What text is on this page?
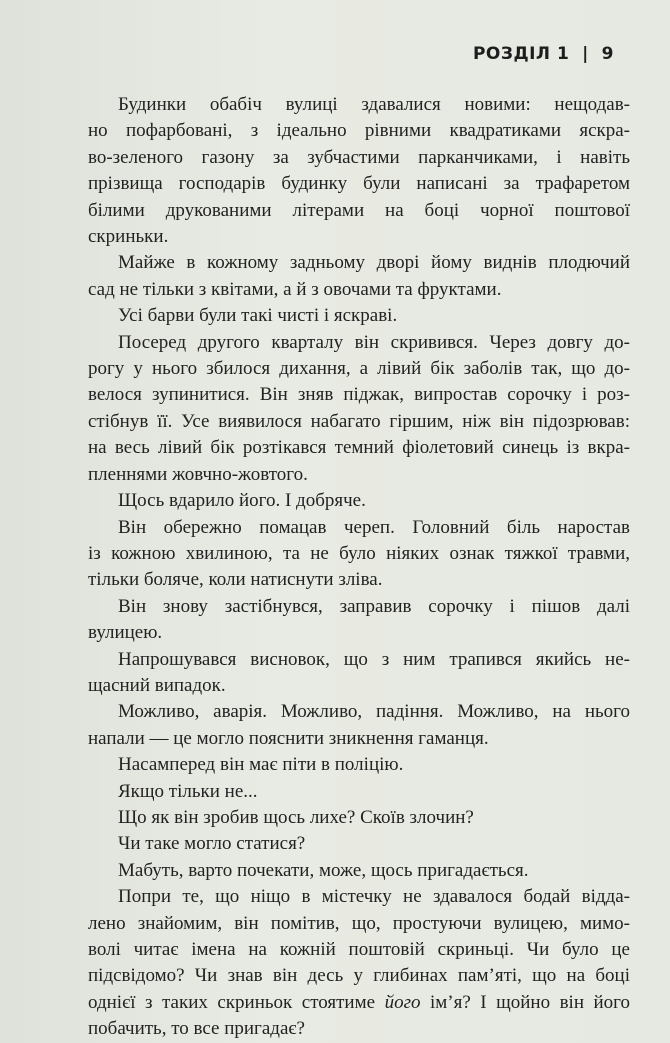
РОЗДІЛ 1  |  9
Будинки обабіч вулиці здавалися новими: нещодав-
но пофарбовані, з ідеально рівними квадратиками яскра-
во-зеленого газону за зубчастими парканчиками, і навіть
прізвища господарів будинку були написані за трафаретом
білими друкованими літерами на боці чорної поштової
скриньки.
Майже в кожному задньому дворі йому виднів плодючий
сад не тільки з квітами, а й з овочами та фруктами.
Усі барви були такі чисті і яскраві.
Посеред другого кварталу він скривився. Через довгу до-
рогу у нього збилося дихання, а лівий бік заболів так, що до-
велося зупинитися. Він зняв піджак, випростав сорочку і роз-
стібнув її. Усе виявилося набагато гіршим, ніж він підозрював:
на весь лівий бік розтікався темний фіолетовий синець із вкра-
пленнями жовчно-жовтого.
Щось вдарило його. І добряче.
Він обережно помацав череп. Головний біль наростав
із кожною хвилиною, та не було ніяких ознак тяжкої травми,
тільки боляче, коли натиснути зліва.
Він знову застібнувся, заправив сорочку і пішов далі
вулицею.
Напрошувався висновок, що з ним трапився якийсь не-
щасний випадок.
Можливо, аварія. Можливо, падіння. Можливо, на нього
напали — це могло пояснити зникнення гаманця.
Насамперед він має піти в поліцію.
Якщо тільки не...
Що як він зробив щось лихе? Скоїв злочин?
Чи таке могло статися?
Мабуть, варто почекати, може, щось пригадається.
Попри те, що ніщо в містечку не здавалося бодай відда-
лено знайомим, він помітив, що, простуючи вулицею, мимо-
волі читає імена на кожній поштовій скриньці. Чи було це
підсвідомо? Чи знав він десь у глибинах пам’яті, що на боці
однієї з таких скриньок стоятиме його ім’я? І щойно він його
побачить, то все пригадає?
